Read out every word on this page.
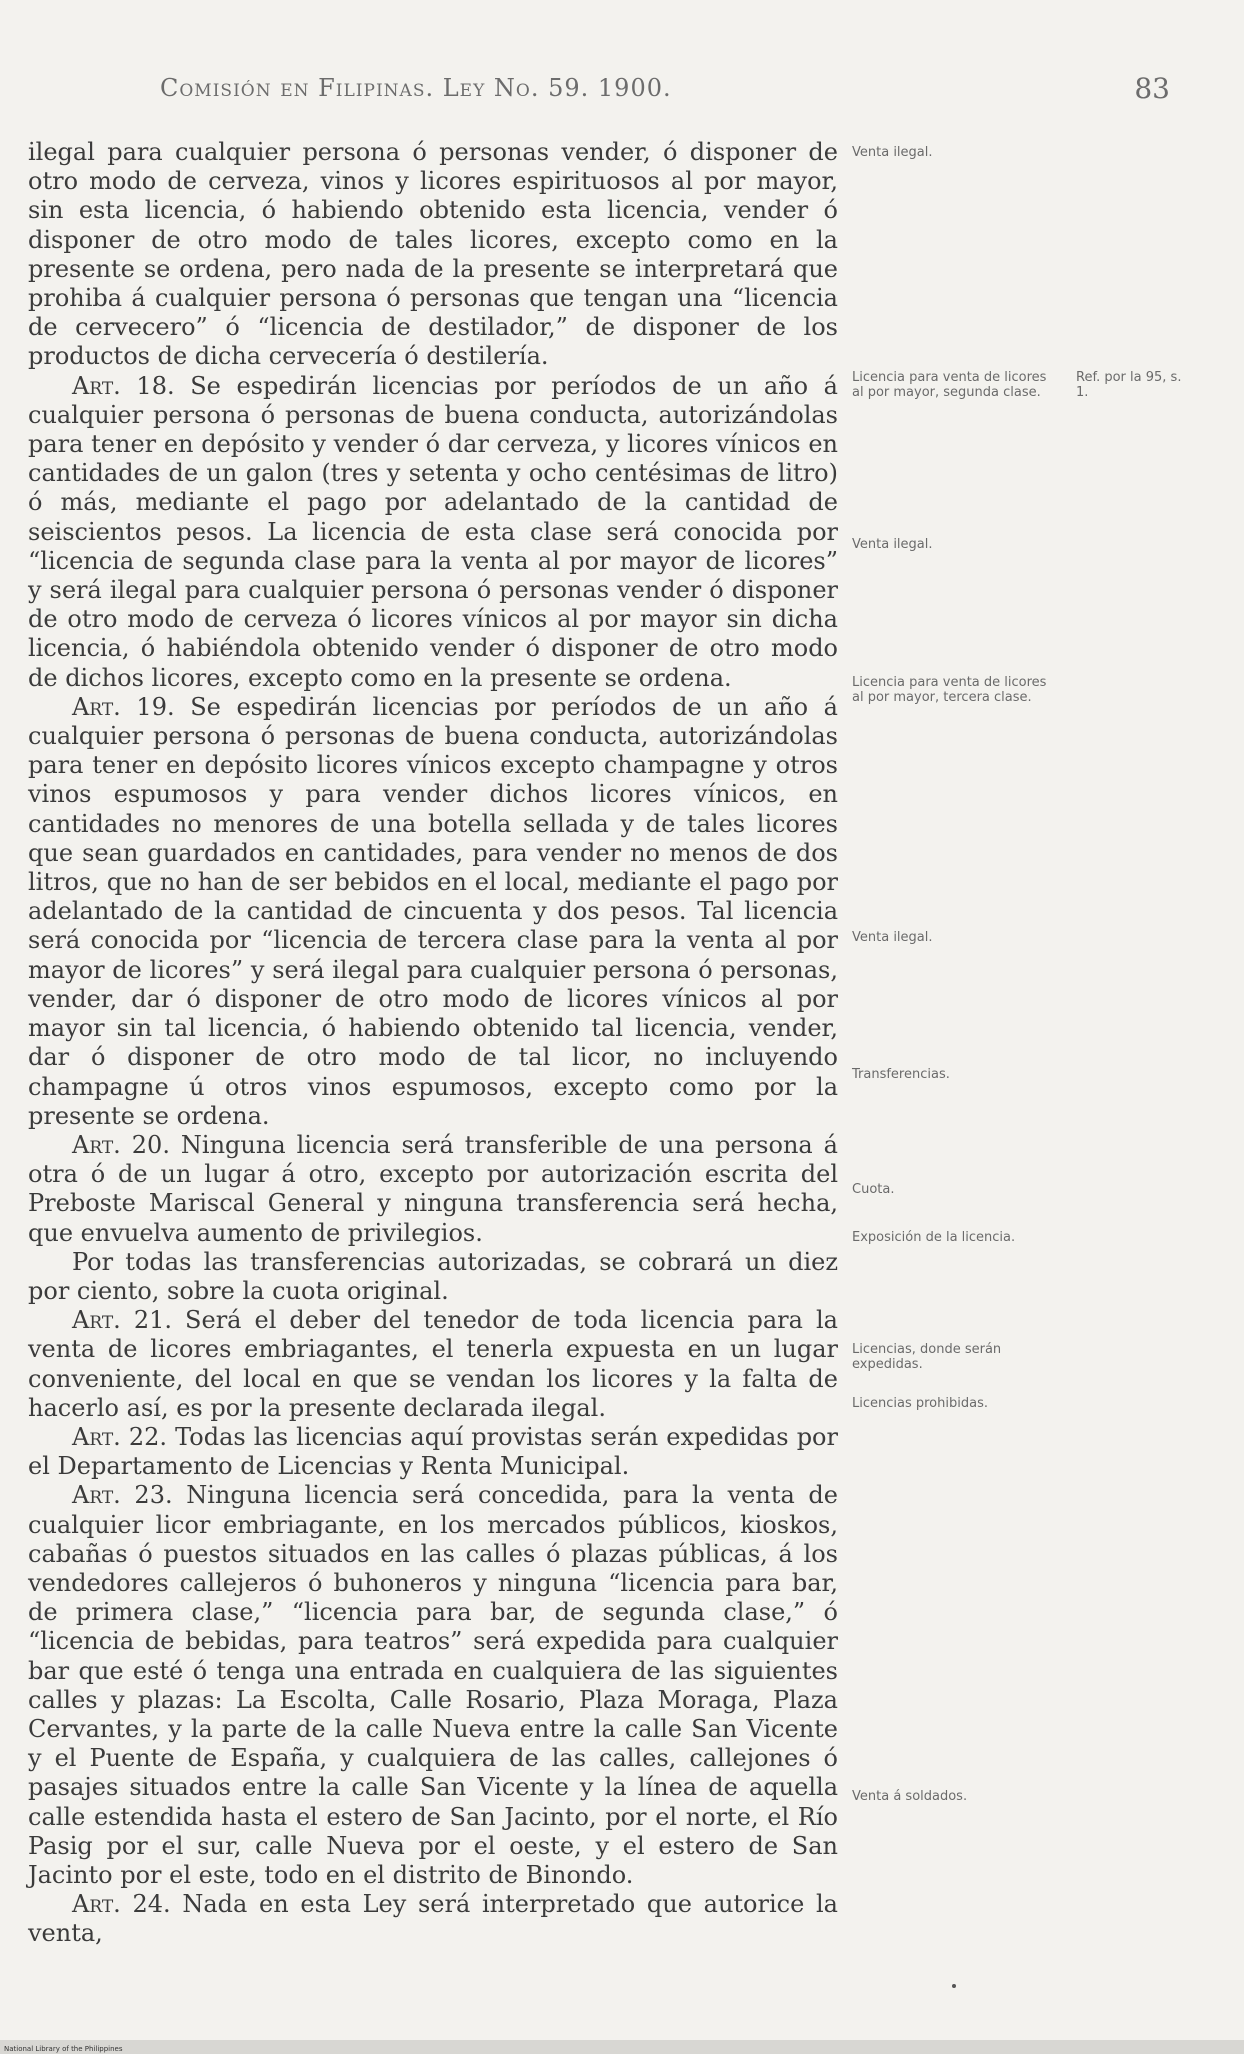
Comisión en Filipinas. Ley No. 59. 1900.	83

ilegal para cualquier persona ó personas vender, ó disponer de otro modo de cerveza, vinos y licores espirituosos al por mayor, sin esta licencia, ó habiendo obtenido esta licencia, vender ó disponer de otro modo de tales licores, excepto como en la presente se ordena, pero nada de la presente se interpretará que prohiba á cualquier persona ó personas que tengan una “licencia de cervecero” ó “licencia de destilador,” de disponer de los productos de dicha cervecería ó destilería.

Art. 18. Se espedirán licencias por períodos de un año á cualquier persona ó personas de buena conducta, autorizándolas para tener en depósito y vender ó dar cerveza, y licores vínicos en cantidades de un galon (tres y setenta y ocho centésimas de litro) ó más, mediante el pago por adelantado de la cantidad de seiscientos pesos. La licencia de esta clase será conocida por “licencia de segunda clase para la venta al por mayor de licores” y será ilegal para cualquier persona ó personas vender ó disponer de otro modo de cerveza ó licores vínicos al por mayor sin dicha licencia, ó habiéndola obtenido vender ó disponer de otro modo de dichos licores, excepto como en la presente se ordena.

Art. 19. Se espedirán licencias por períodos de un año á cualquier persona ó personas de buena conducta, autorizándolas para tener en depósito licores vínicos excepto champagne y otros vinos espumosos y para vender dichos licores vínicos, en cantidades no menores de una botella sellada y de tales licores que sean guardados en cantidades, para vender no menos de dos litros, que no han de ser bebidos en el local, mediante el pago por adelantado de la cantidad de cincuenta y dos pesos. Tal licencia será conocida por “licencia de tercera clase para la venta al por mayor de licores” y será ilegal para cualquier persona ó personas, vender, dar ó disponer de otro modo de licores vínicos al por mayor sin tal licencia, ó habiendo obtenido tal licencia, vender, dar ó disponer de otro modo de tal licor, no incluyendo champagne ú otros vinos espumosos, excepto como por la presente se ordena.

Art. 20. Ninguna licencia será transferible de una persona á otra ó de un lugar á otro, excepto por autorización escrita del Preboste Mariscal General y ninguna transferencia será hecha, que envuelva aumento de privilegios.

Por todas las transferencias autorizadas, se cobrará un diez por ciento, sobre la cuota original.

Art. 21. Será el deber del tenedor de toda licencia para la venta de licores embriagantes, el tenerla expuesta en un lugar conveniente, del local en que se vendan los licores y la falta de hacerlo así, es por la presente declarada ilegal.

Art. 22. Todas las licencias aquí provistas serán expedidas por el Departamento de Licencias y Renta Municipal.

Art. 23. Ninguna licencia será concedida, para la venta de cualquier licor embriagante, en los mercados públicos, kioskos, cabañas ó puestos situados en las calles ó plazas públicas, á los vendedores callejeros ó buhoneros y ninguna “licencia para bar, de primera clase,” “licencia para bar, de segunda clase,” ó “licencia de bebidas, para teatros” será expedida para cualquier bar que esté ó tenga una entrada en cualquiera de las siguientes calles y plazas: La Escolta, Calle Rosario, Plaza Moraga, Plaza Cervantes, y la parte de la calle Nueva entre la calle San Vicente y el Puente de España, y cualquiera de las calles, callejones ó pasajes situados entre la calle San Vicente y la línea de aquella calle estendida hasta el estero de San Jacinto, por el norte, el Río Pasig por el sur, calle Nueva por el oeste, y el estero de San Jacinto por el este, todo en el distrito de Binondo.

Art. 24. Nada en esta Ley será interpretado que autorice la venta,

Venta ilegal.
Licencia para venta de licores al por mayor, segunda clase.
Venta ilegal.
Licencia para venta de licores al por mayor, tercera clase.
Venta ilegal.
Transferencias.
Cuota.
Exposición de la licencia.
Licencias, donde serán expedidas.
Licencias prohibidas.
Venta á soldados.
Ref. por la 95, s. 1.
National Library of the Philippines
